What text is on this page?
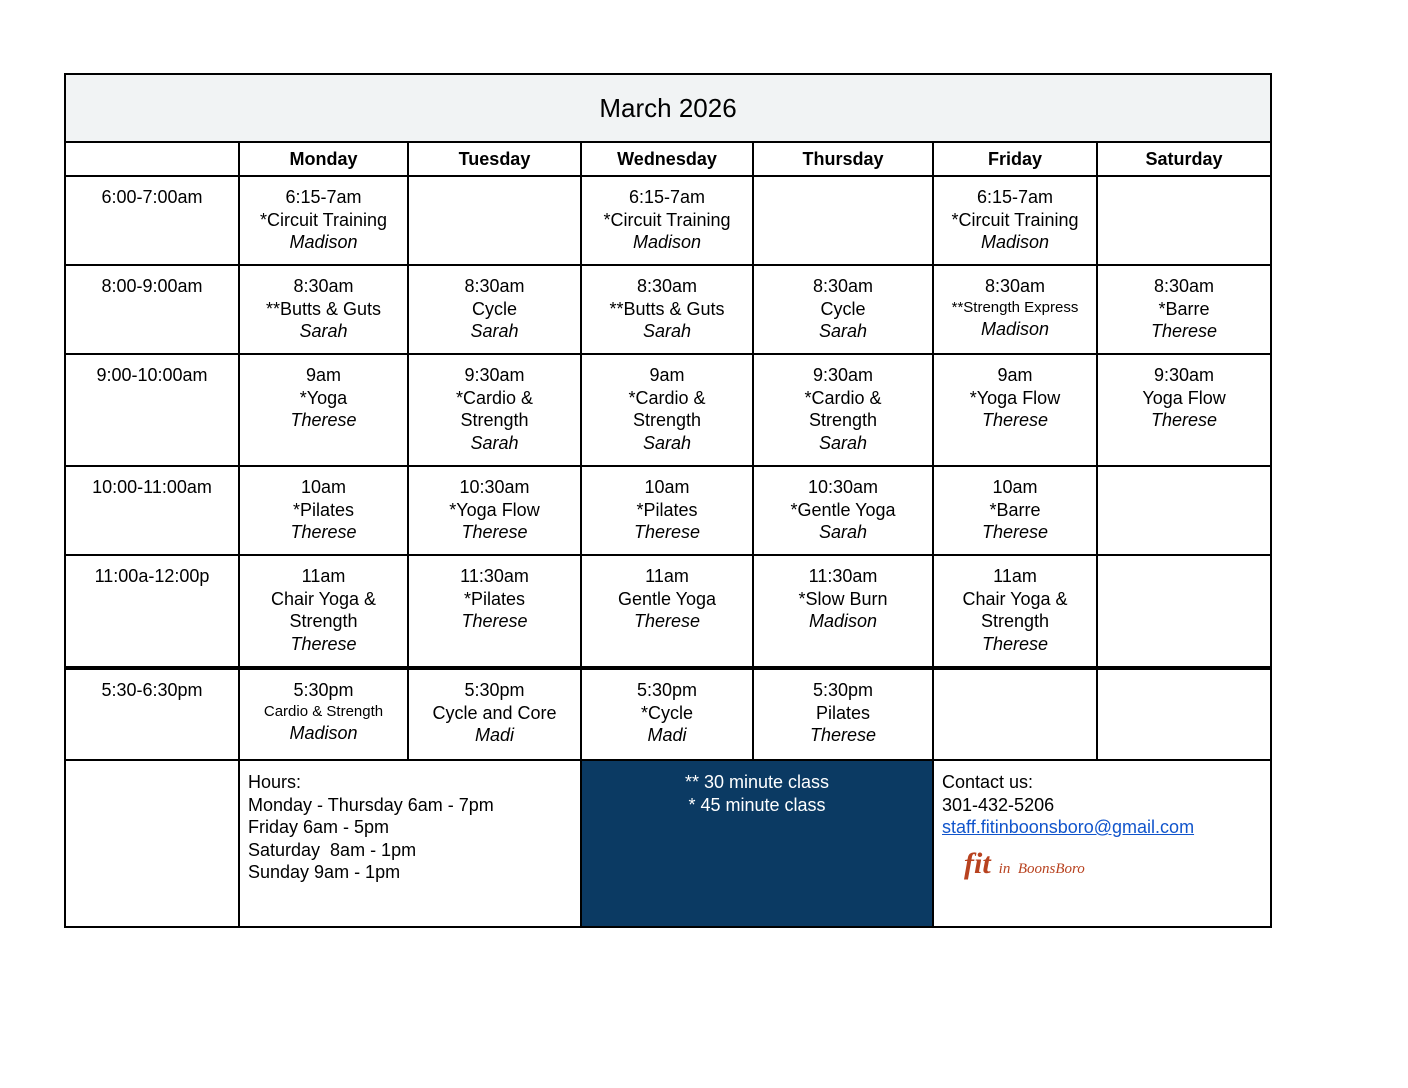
March 2026						
	Monday	Tuesday	Wednesday	Thursday	Friday	Saturday
6:00-7:00am	6:15-7am
*Circuit Training
Madison		6:15-7am
*Circuit Training
Madison		6:15-7am
*Circuit Training
Madison	

8:00-9:00am	8:30am
**Butts & Guts
Sarah	8:30am
Cycle
Sarah	8:30am
**Butts & Guts
Sarah	8:30am
Cycle
Sarah	8:30am
**Strength Express
Madison	8:30am
*Barre
Therese

9:00-10:00am	9am
*Yoga
Therese	9:30am
*Cardio &
Strength
Sarah	9am
*Cardio &
Strength
Sarah	9:30am
*Cardio &
Strength
Sarah	9am
*Yoga Flow
Therese	9:30am
Yoga Flow
Therese

10:00-11:00am	10am
*Pilates
Therese	10:30am
*Yoga Flow
Therese	10am
*Pilates
Therese	10:30am
*Gentle Yoga
Sarah	10am
*Barre
Therese	

11:00a-12:00p	11am
Chair Yoga &
Strength
Therese	11:30am
*Pilates
Therese	11am
Gentle Yoga
Therese	11:30am
*Slow Burn
Madison	11am
Chair Yoga &
Strength
Therese	

5:30-6:30pm	5:30pm
Cardio & Strength
Madison	5:30pm
Cycle and Core
Madi	5:30pm
*Cycle
Madi	5:30pm
Pilates
Therese		

	Hours:
Monday - Thursday 6am - 7pm
Friday 6am - 5pm
Saturday  8am - 1pm
Sunday 9am - 1pm		** 30 minute class
* 45 minute class		Contact us:
301-432-5206
staff.fitinboonsboro@gmail.com
fit in  BoonsBoro	
